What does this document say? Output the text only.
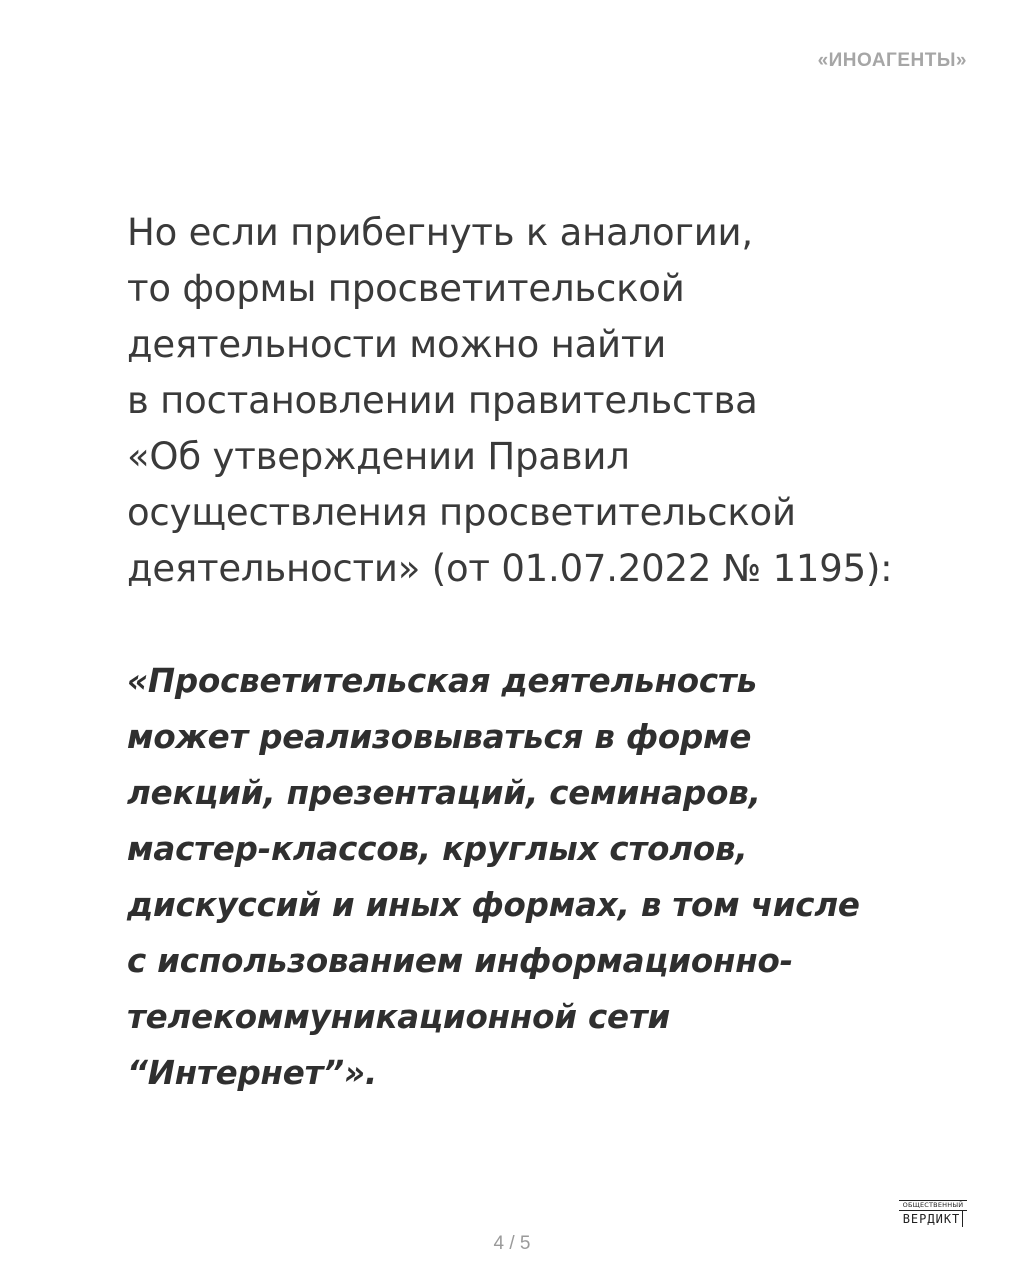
«ИНОАГЕНТЫ»

Но если прибегнуть к аналогии,
то формы просветительской
деятельности можно найти
в постановлении правительства
«Об утверждении Правил
осуществления просветительской
деятельности» (от 01.07.2022 № 1195):

«Просветительская деятельность
может реализовываться в форме
лекций, презентаций, семинаров,
мастер-классов, круглых столов,
дискуссий и иных формах, в том числе
с использованием информационно-
телекоммуникационной сети
“Интернет”».

ОБЩЕСТВЕННЫЙ
ВЕРДИКТ
4 / 5
